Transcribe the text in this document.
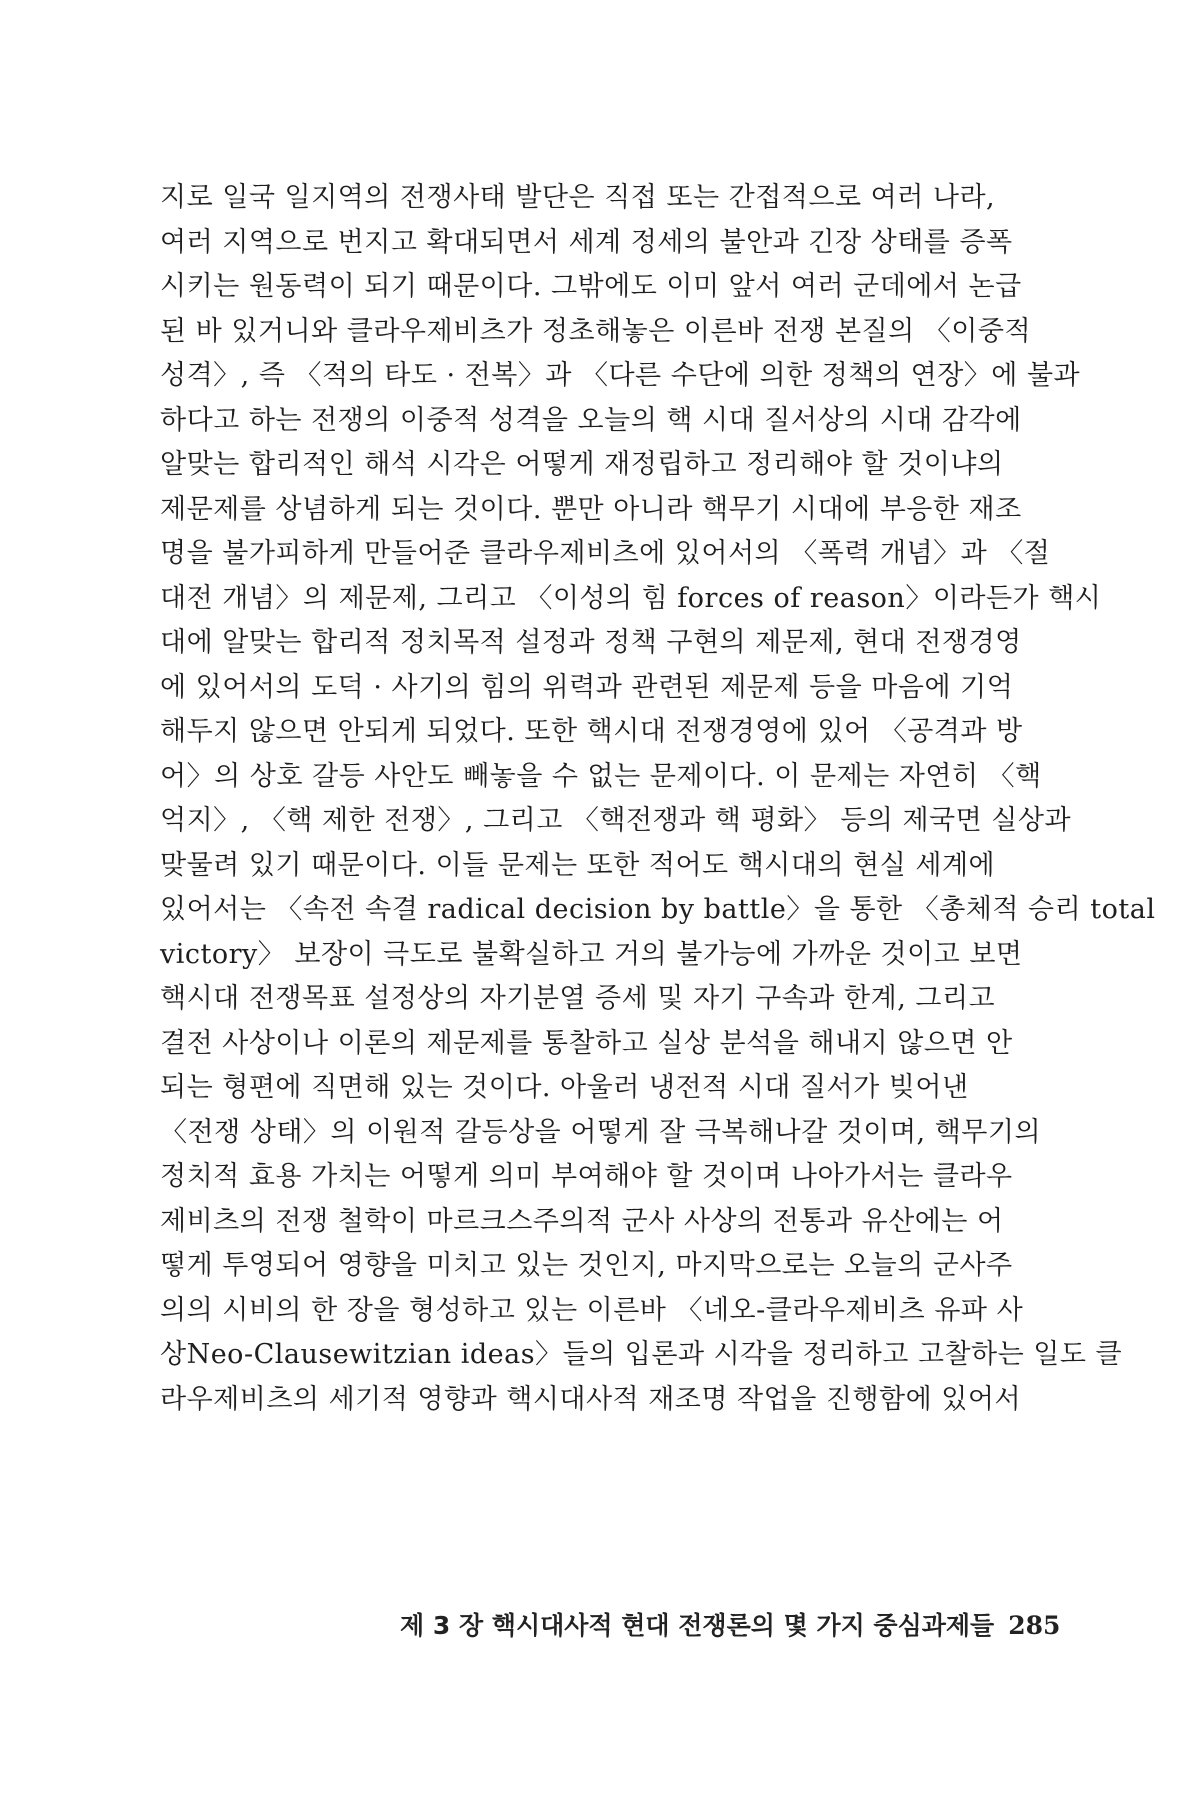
지로 일국 일지역의 전쟁사태 발단은 직접 또는 간접적으로 여러 나라,
여러 지역으로 번지고 확대되면서 세계 정세의 불안과 긴장 상태를 증폭
시키는 원동력이 되기 때문이다. 그밖에도 이미 앞서 여러 군데에서 논급
된 바 있거니와 클라우제비츠가 정초해놓은 이른바 전쟁 본질의 〈이중적
성격〉, 즉 〈적의 타도 · 전복〉과 〈다른 수단에 의한 정책의 연장〉에 불과
하다고 하는 전쟁의 이중적 성격을 오늘의 핵 시대 질서상의 시대 감각에
알맞는 합리적인 해석 시각은 어떻게 재정립하고 정리해야 할 것이냐의
제문제를 상념하게 되는 것이다. 뿐만 아니라 핵무기 시대에 부응한 재조
명을 불가피하게 만들어준 클라우제비츠에 있어서의 〈폭력 개념〉과 〈절
대전 개념〉의 제문제, 그리고 〈이성의 힘 forces of reason〉이라든가 핵시
대에 알맞는 합리적 정치목적 설정과 정책 구현의 제문제, 현대 전쟁경영
에 있어서의 도덕 · 사기의 힘의 위력과 관련된 제문제 등을 마음에 기억
해두지 않으면 안되게 되었다. 또한 핵시대 전쟁경영에 있어 〈공격과 방
어〉의 상호 갈등 사안도 빼놓을 수 없는 문제이다. 이 문제는 자연히 〈핵
억지〉, 〈핵 제한 전쟁〉, 그리고 〈핵전쟁과 핵 평화〉 등의 제국면 실상과
맞물려 있기 때문이다. 이들 문제는 또한 적어도 핵시대의 현실 세계에
있어서는 〈속전 속결 radical decision by battle〉을 통한 〈총체적 승리 total
victory〉 보장이 극도로 불확실하고 거의 불가능에 가까운 것이고 보면
핵시대 전쟁목표 설정상의 자기분열 증세 및 자기 구속과 한계, 그리고
결전 사상이나 이론의 제문제를 통찰하고 실상 분석을 해내지 않으면 안
되는 형편에 직면해 있는 것이다. 아울러 냉전적 시대 질서가 빚어낸
〈전쟁 상태〉의 이원적 갈등상을 어떻게 잘 극복해나갈 것이며, 핵무기의
정치적 효용 가치는 어떻게 의미 부여해야 할 것이며 나아가서는 클라우
제비츠의 전쟁 철학이 마르크스주의적 군사 사상의 전통과 유산에는 어
떻게 투영되어 영향을 미치고 있는 것인지, 마지막으로는 오늘의 군사주
의의 시비의 한 장을 형성하고 있는 이른바 〈네오-클라우제비츠 유파 사
상Neo-Clausewitzian ideas〉들의 입론과 시각을 정리하고 고찰하는 일도 클
라우제비츠의 세기적 영향과 핵시대사적 재조명 작업을 진행함에 있어서
제 3 장 핵시대사적 현대 전쟁론의 몇 가지 중심과제들 285
